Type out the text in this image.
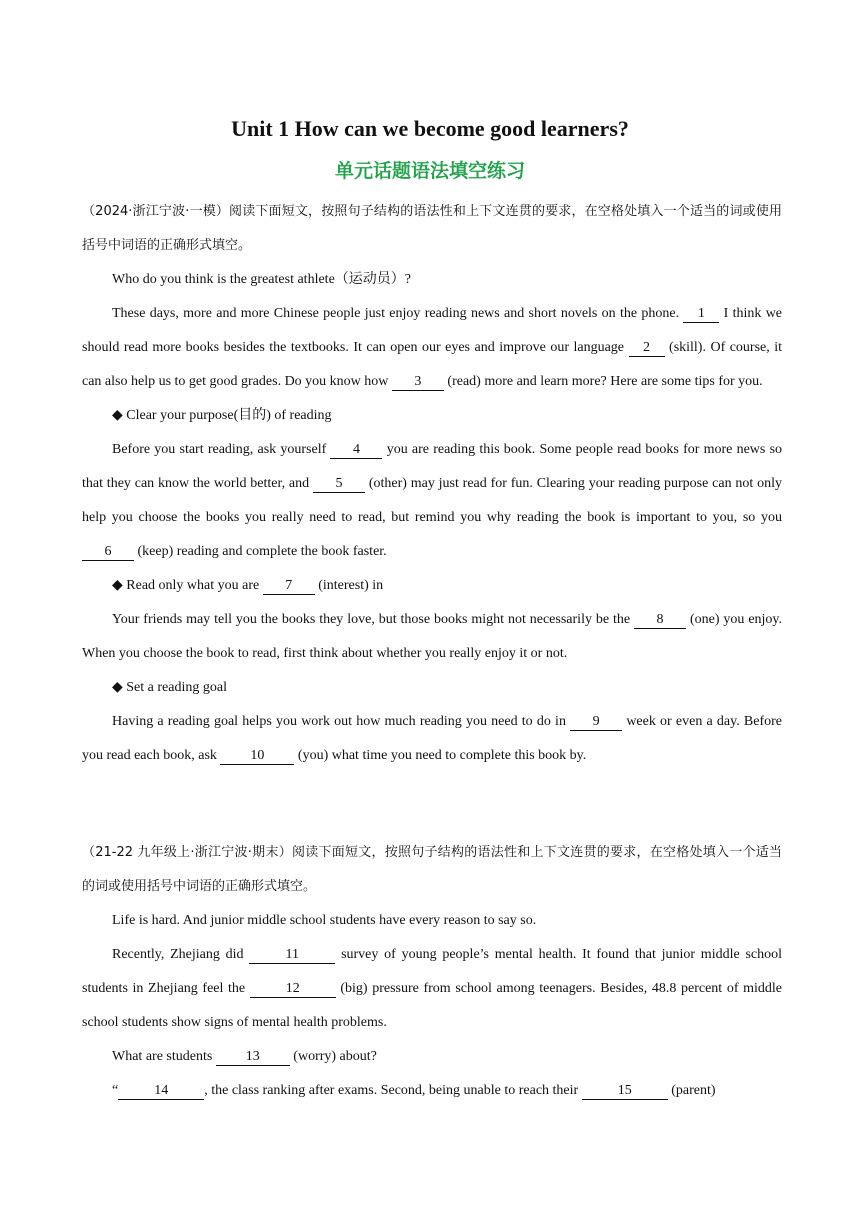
Unit 1 How can we become good learners?
单元话题语法填空练习

（2024·浙江宁波·一模）阅读下面短文，按照句子结构的语法性和上下文连贯的要求，在空格处填入一个适当的词或使用括号中词语的正确形式填空。

Who do you think is the greatest athlete（运动员）?

These days, more and more Chinese people just enjoy reading news and short novels on the phone. 1 I think we should read more books besides the textbooks. It can open our eyes and improve our language 2 (skill). Of course, it can also help us to get good grades. Do you know how 3 (read) more and learn more? Here are some tips for you.

◆ Clear your purpose(目的) of reading

Before you start reading, ask yourself 4 you are reading this book. Some people read books for more news so that they can know the world better, and 5 (other) may just read for fun. Clearing your reading purpose can not only help you choose the books you really need to read, but remind you why reading the book is important to you, so you 6 (keep) reading and complete the book faster.

◆ Read only what you are 7 (interest) in

Your friends may tell you the books they love, but those books might not necessarily be the 8 (one) you enjoy. When you choose the book to read, first think about whether you really enjoy it or not.

◆ Set a reading goal

Having a reading goal helps you work out how much reading you need to do in 9 week or even a day. Before you read each book, ask 10 (you) what time you need to complete this book by.

（21-22 九年级上·浙江宁波·期末）阅读下面短文，按照句子结构的语法性和上下文连贯的要求，在空格处填入一个适当的词或使用括号中词语的正确形式填空。

Life is hard. And junior middle school students have every reason to say so.

Recently, Zhejiang did	11	survey of young people’s mental health. It found that junior middle school students in Zhejiang feel the	12	(big) pressure from school among teenagers. Besides, 48.8 percent of middle school students show signs of mental health problems.

What are students 13 (worry) about?

“	14	, the class ranking after exams. Second, being unable to reach their	15	(parent)
